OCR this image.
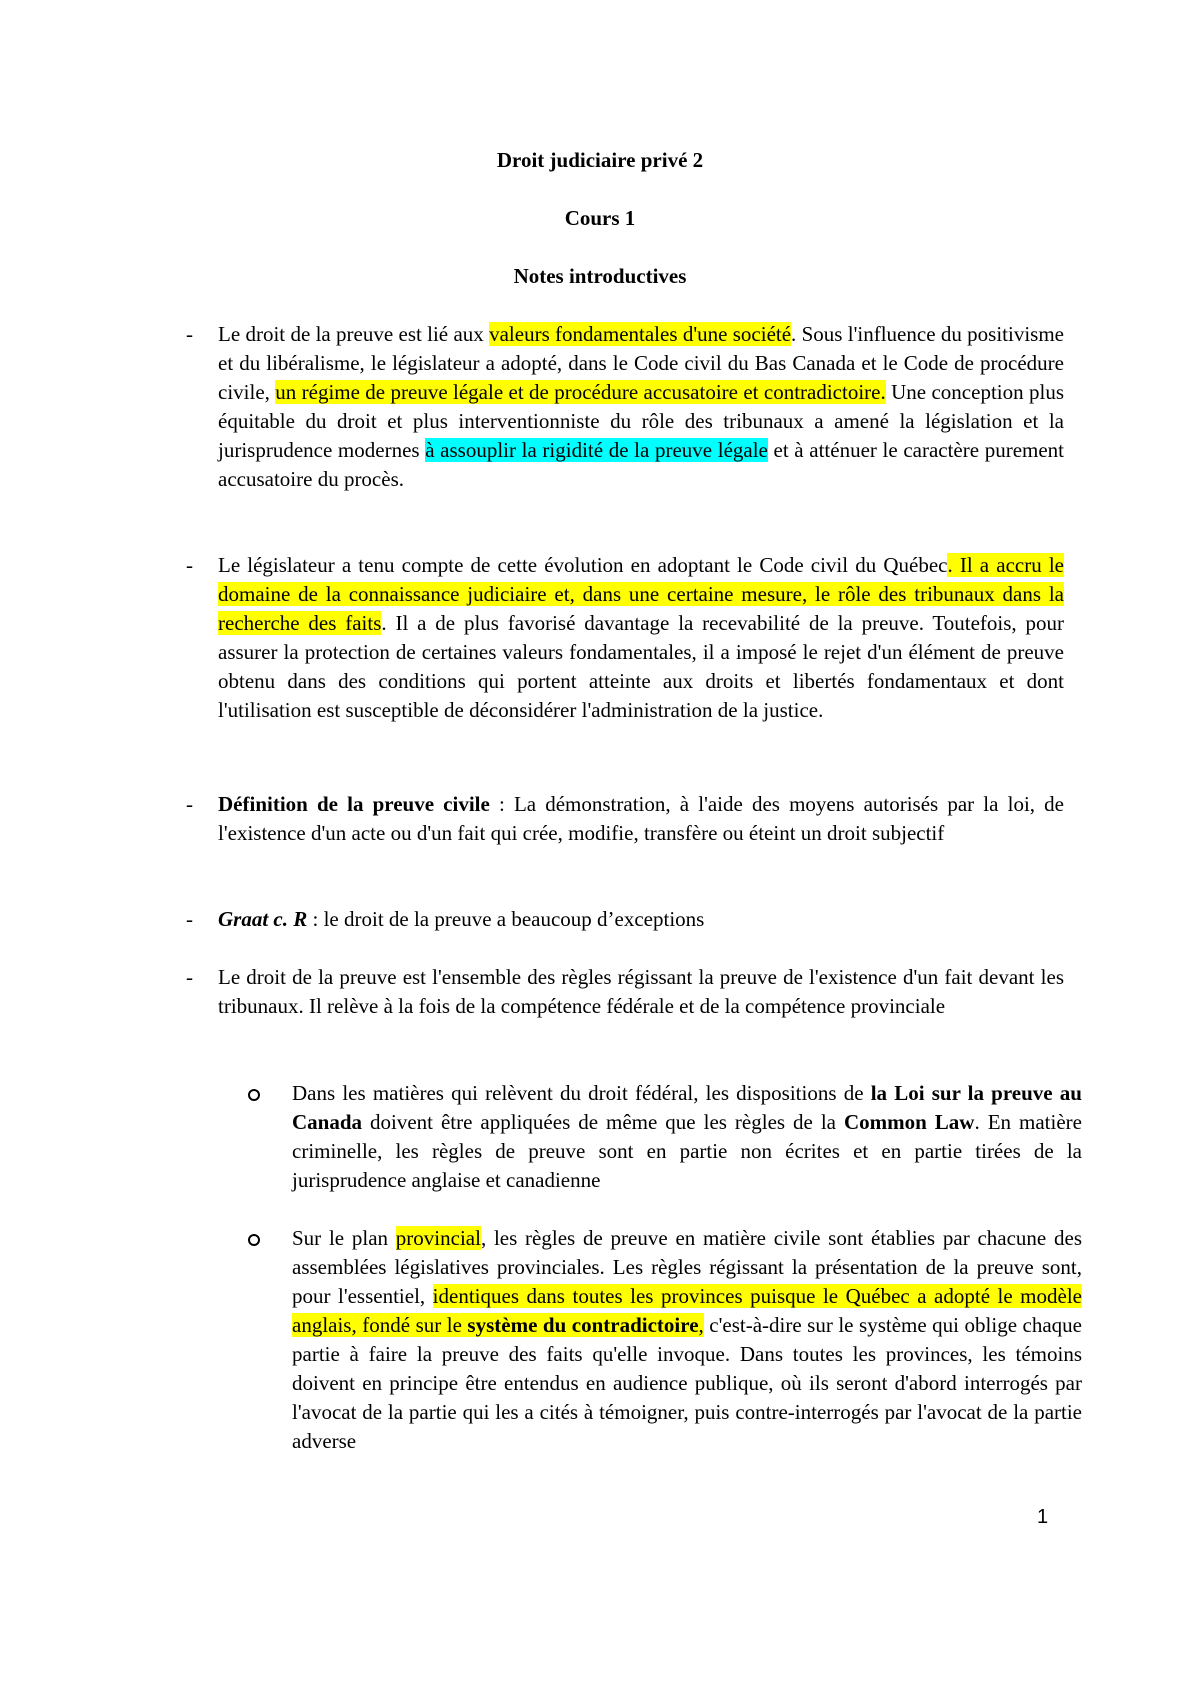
Droit judiciaire privé 2
Cours 1
Notes introductives
-	Le droit de la preuve est lié aux valeurs fondamentales d'une société. Sous l'influence du positivisme et du libéralisme, le législateur a adopté, dans le Code civil du Bas Canada et le Code de procédure civile, un régime de preuve légale et de procédure accusatoire et contradictoire. Une conception plus équitable du droit et plus interventionniste du rôle des tribunaux a amené la législation et la jurisprudence modernes à assouplir la rigidité de la preuve légale et à atténuer le caractère purement accusatoire du procès.
-	Le législateur a tenu compte de cette évolution en adoptant le Code civil du Québec. Il a accru le domaine de la connaissance judiciaire et, dans une certaine mesure, le rôle des tribunaux dans la recherche des faits. Il a de plus favorisé davantage la recevabilité de la preuve. Toutefois, pour assurer la protection de certaines valeurs fondamentales, il a imposé le rejet d'un élément de preuve obtenu dans des conditions qui portent atteinte aux droits et libertés fondamentaux et dont l'utilisation est susceptible de déconsidérer l'administration de la justice.
-	Définition de la preuve civile : La démonstration, à l'aide des moyens autorisés par la loi, de l'existence d'un acte ou d'un fait qui crée, modifie, transfère ou éteint un droit subjectif
-	Graat c. R : le droit de la preuve a beaucoup d’exceptions
-	Le droit de la preuve est l'ensemble des règles régissant la preuve de l'existence d'un fait devant les tribunaux. Il relève à la fois de la compétence fédérale et de la compétence provinciale
Dans les matières qui relèvent du droit fédéral, les dispositions de la Loi sur la preuve au Canada doivent être appliquées de même que les règles de la Common Law. En matière criminelle, les règles de preuve sont en partie non écrites et en partie tirées de la jurisprudence anglaise et canadienne
Sur le plan provincial, les règles de preuve en matière civile sont établies par chacune des assemblées législatives provinciales. Les règles régissant la présentation de la preuve sont, pour l'essentiel, identiques dans toutes les provinces puisque le Québec a adopté le modèle anglais, fondé sur le système du contradictoire, c'est-à-dire sur le système qui oblige chaque partie à faire la preuve des faits qu'elle invoque. Dans toutes les provinces, les témoins doivent en principe être entendus en audience publique, où ils seront d'abord interrogés par l'avocat de la partie qui les a cités à témoigner, puis contre-interrogés par l'avocat de la partie adverse
1
